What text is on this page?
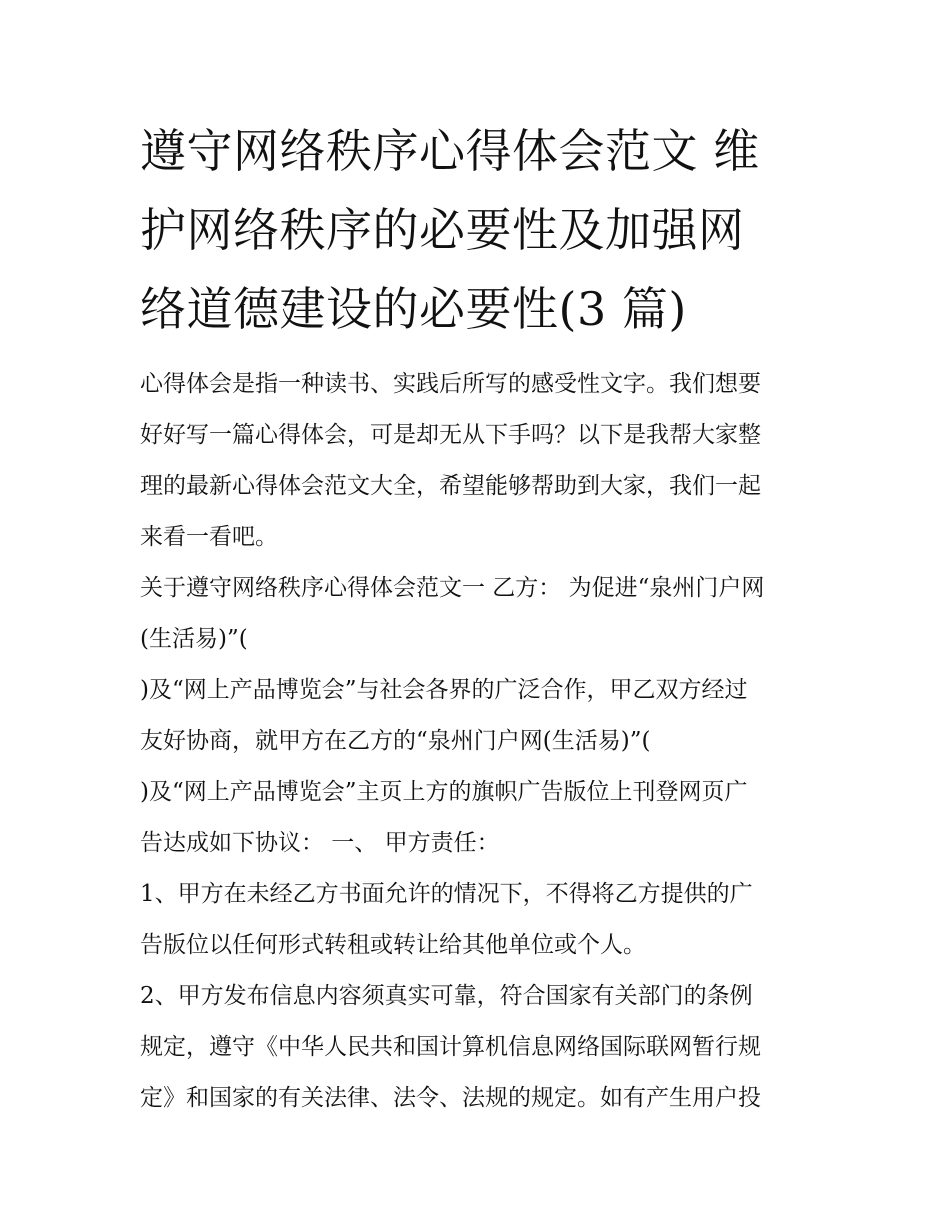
遵守网络秩序心得体会范文 维
护网络秩序的必要性及加强网
络道德建设的必要性(3 篇)

心得体会是指一种读书、实践后所写的感受性文字。我们想要
好好写一篇心得体会，可是却无从下手吗？以下是我帮大家整
理的最新心得体会范文大全，希望能够帮助到大家，我们一起
来看一看吧。

关于遵守网络秩序心得体会范文一 乙方： 为促进“泉州门户网
(生活易)”(
)及“网上产品博览会”与社会各界的广泛合作，甲乙双方经过
友好协商，就甲方在乙方的“泉州门户网(生活易)”(
)及“网上产品博览会”主页上方的旗帜广告版位上刊登网页广
告达成如下协议： 一、 甲方责任：

1、甲方在未经乙方书面允许的情况下，不得将乙方提供的广
告版位以任何形式转租或转让给其他单位或个人。

2、甲方发布信息内容须真实可靠，符合国家有关部门的条例
规定，遵守《中华人民共和国计算机信息网络国际联网暂行规
定》和国家的有关法律、法令、法规的规定。如有产生用户投
